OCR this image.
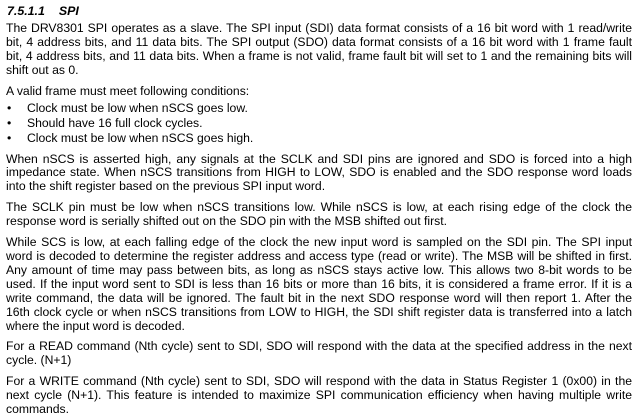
7.5.1.1 SPI

The DRV8301 SPI operates as a slave. The SPI input (SDI) data format consists of a 16 bit word with 1 read/write bit, 4 address bits, and 11 data bits. The SPI output (SDO) data format consists of a 16 bit word with 1 frame fault bit, 4 address bits, and 11 data bits. When a frame is not valid, frame fault bit will set to 1 and the remaining bits will shift out as 0.

A valid frame must meet following conditions:

• Clock must be low when nSCS goes low.
• Should have 16 full clock cycles.
• Clock must be low when nSCS goes high.

When nSCS is asserted high, any signals at the SCLK and SDI pins are ignored and SDO is forced into a high impedance state. When nSCS transitions from HIGH to LOW, SDO is enabled and the SDO response word loads into the shift register based on the previous SPI input word.

The SCLK pin must be low when nSCS transitions low. While nSCS is low, at each rising edge of the clock the response word is serially shifted out on the SDO pin with the MSB shifted out first.

While SCS is low, at each falling edge of the clock the new input word is sampled on the SDI pin. The SPI input word is decoded to determine the register address and access type (read or write). The MSB will be shifted in first. Any amount of time may pass between bits, as long as nSCS stays active low. This allows two 8-bit words to be used. If the input word sent to SDI is less than 16 bits or more than 16 bits, it is considered a frame error. If it is a write command, the data will be ignored. The fault bit in the next SDO response word will then report 1. After the 16th clock cycle or when nSCS transitions from LOW to HIGH, the SDI shift register data is transferred into a latch where the input word is decoded.

For a READ command (Nth cycle) sent to SDI, SDO will respond with the data at the specified address in the next cycle. (N+1)

For a WRITE command (Nth cycle) sent to SDI, SDO will respond with the data in Status Register 1 (0x00) in the next cycle (N+1). This feature is intended to maximize SPI communication efficiency when having multiple write commands.
